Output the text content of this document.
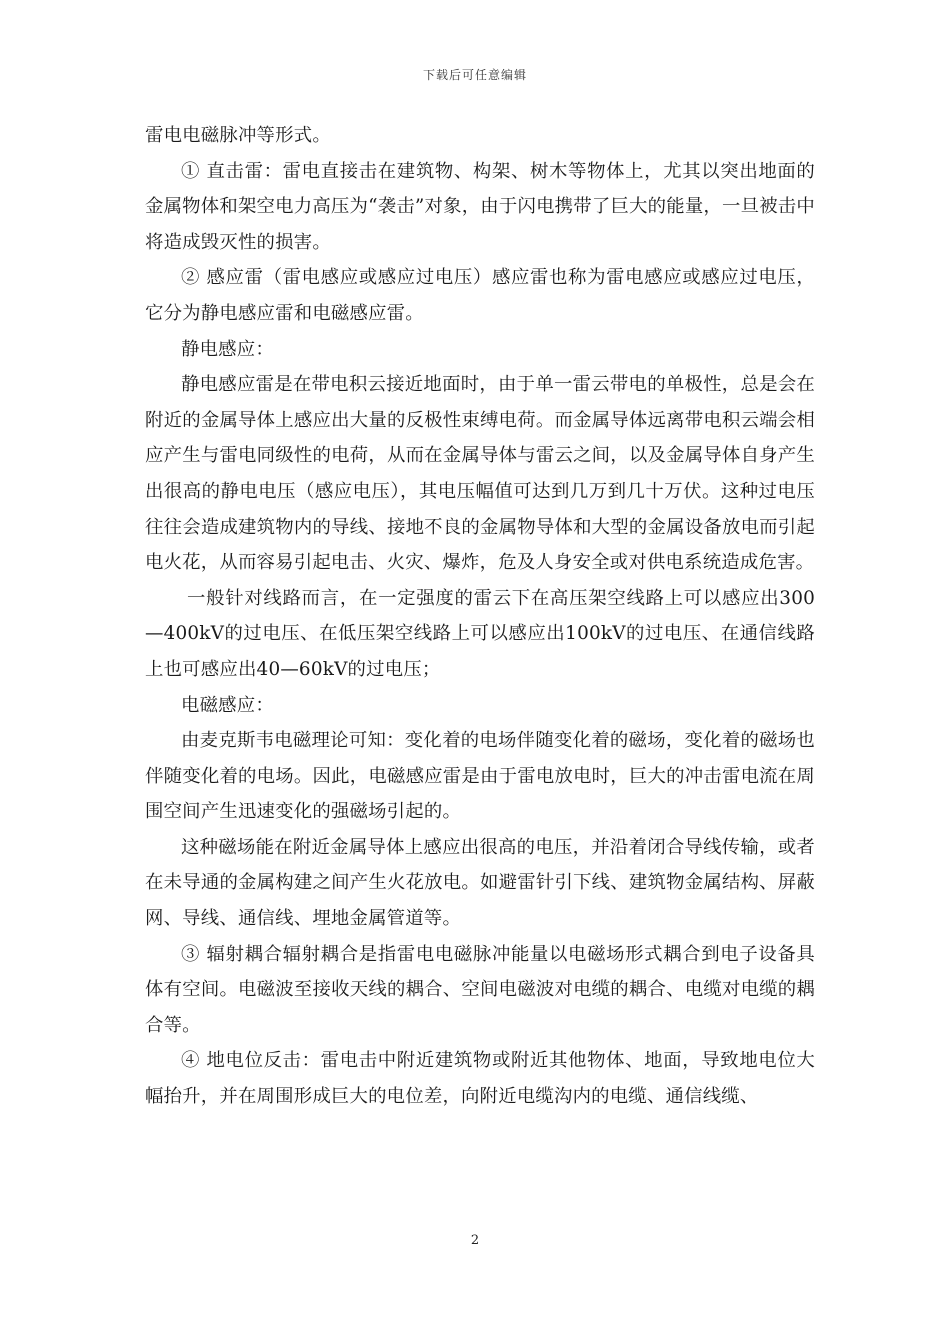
下载后可任意编辑

雷电电磁脉冲等形式。

① 直击雷：雷电直接击在建筑物、构架、树木等物体上，尤其以突出地面的金属物体和架空电力高压为“袭击”对象，由于闪电携带了巨大的能量，一旦被击中将造成毁灭性的损害。

② 感应雷（雷电感应或感应过电压）感应雷也称为雷电感应或感应过电压，它分为静电感应雷和电磁感应雷。

静电感应：

静电感应雷是在带电积云接近地面时，由于单一雷云带电的单极性，总是会在附近的金属导体上感应出大量的反极性束缚电荷。而金属导体远离带电积云端会相应产生与雷电同级性的电荷，从而在金属导体与雷云之间，以及金属导体自身产生出很高的静电电压（感应电压），其电压幅值可达到几万到几十万伏。这种过电压往往会造成建筑物内的导线、接地不良的金属物导体和大型的金属设备放电而引起电火花，从而容易引起电击、火灾、爆炸，危及人身安全或对供电系统造成危害。

一般针对线路而言，在一定强度的雷云下在高压架空线路上可以感应出300—400kV的过电压、在低压架空线路上可以感应出100kV的过电压、在通信线路上也可感应出40—60kV的过电压；

电磁感应：

由麦克斯韦电磁理论可知：变化着的电场伴随变化着的磁场，变化着的磁场也伴随变化着的电场。因此，电磁感应雷是由于雷电放电时，巨大的冲击雷电流在周围空间产生迅速变化的强磁场引起的。

这种磁场能在附近金属导体上感应出很高的电压，并沿着闭合导线传输，或者在未导通的金属构建之间产生火花放电。如避雷针引下线、建筑物金属结构、屏蔽网、导线、通信线、埋地金属管道等。

③ 辐射耦合辐射耦合是指雷电电磁脉冲能量以电磁场形式耦合到电子设备具体有空间。电磁波至接收天线的耦合、空间电磁波对电缆的耦合、电缆对电缆的耦合等。

④ 地电位反击：雷电击中附近建筑物或附近其他物体、地面，导致地电位大幅抬升，并在周围形成巨大的电位差，向附近电缆沟内的电缆、通信线缆、

2
